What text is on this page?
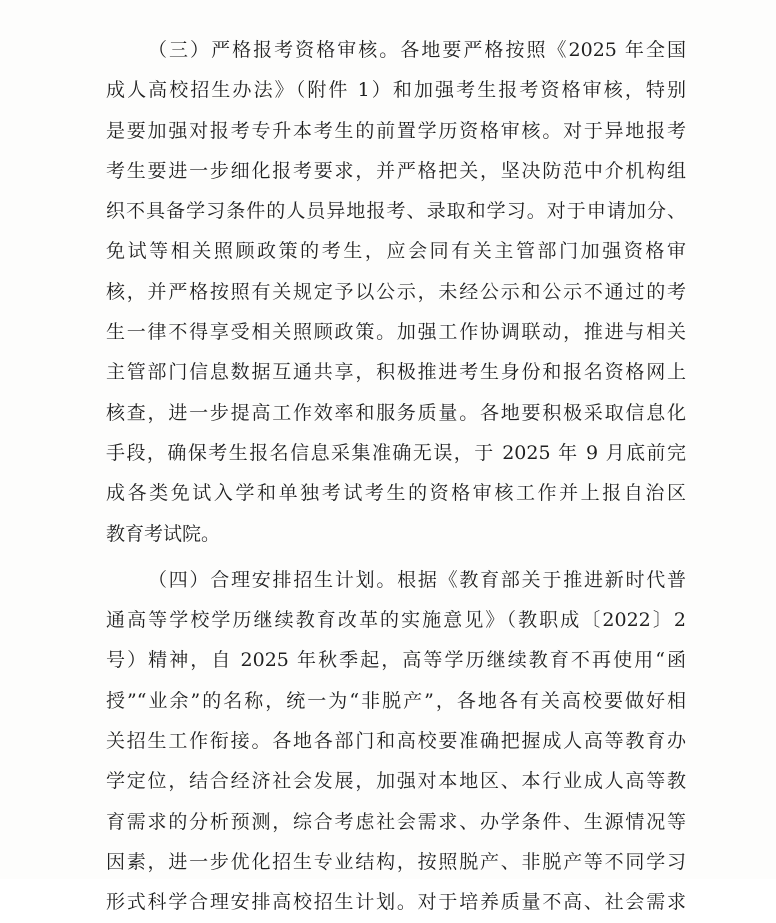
（三）严格报考资格审核。各地要严格按照《2025 年全国
成人高校招生办法》（附件 1）和加强考生报考资格审核，特别
是要加强对报考专升本考生的前置学历资格审核。对于异地报考
考生要进一步细化报考要求，并严格把关，坚决防范中介机构组
织不具备学习条件的人员异地报考、录取和学习。对于申请加分、
免试等相关照顾政策的考生，应会同有关主管部门加强资格审
核，并严格按照有关规定予以公示，未经公示和公示不通过的考
生一律不得享受相关照顾政策。加强工作协调联动，推进与相关
主管部门信息数据互通共享，积极推进考生身份和报名资格网上
核查，进一步提高工作效率和服务质量。各地要积极采取信息化
手段，确保考生报名信息采集准确无误，于 2025 年 9 月底前完
成各类免试入学和单独考试考生的资格审核工作并上报自治区
教育考试院。

（四）合理安排招生计划。根据《教育部关于推进新时代普
通高等学校学历继续教育改革的实施意见》（教职成〔2022〕2
号）精神，自 2025 年秋季起，高等学历继续教育不再使用“函
授”“业余”的名称，统一为“非脱产”，各地各有关高校要做好相
关招生工作衔接。各地各部门和高校要准确把握成人高等教育办
学定位，结合经济社会发展，加强对本地区、本行业成人高等教
育需求的分析预测，综合考虑社会需求、办学条件、生源情况等
因素，进一步优化招生专业结构，按照脱产、非脱产等不同学习
形式科学合理安排高校招生计划。对于培养质量不高、社会需求
